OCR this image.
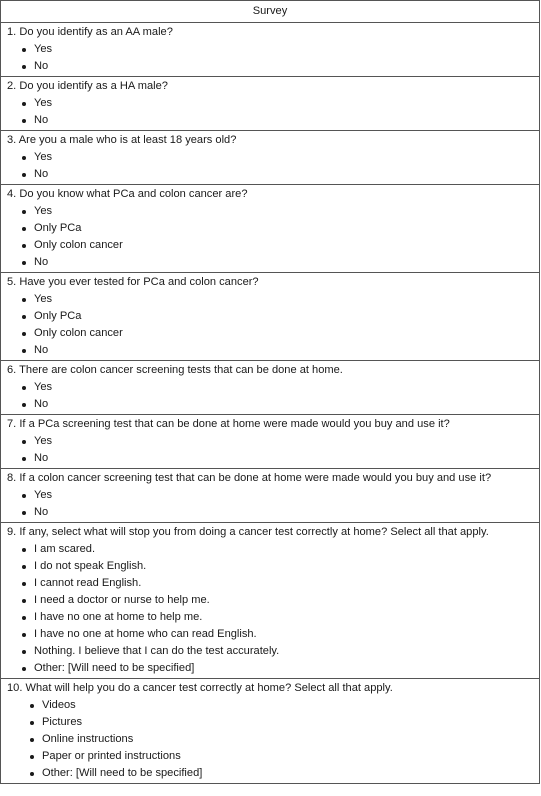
Survey

1. Do you identify as an AA male?
Yes
No

2. Do you identify as a HA male?
Yes
No

3. Are you a male who is at least 18 years old?
Yes
No

4. Do you know what PCa and colon cancer are?
Yes
Only PCa
Only colon cancer
No

5. Have you ever tested for PCa and colon cancer?
Yes
Only PCa
Only colon cancer
No

6. There are colon cancer screening tests that can be done at home.
Yes
No

7. If a PCa screening test that can be done at home were made would you buy and use it?
Yes
No

8. If a colon cancer screening test that can be done at home were made would you buy and use it?
Yes
No

9. If any, select what will stop you from doing a cancer test correctly at home? Select all that apply.
I am scared.
I do not speak English.
I cannot read English.
I need a doctor or nurse to help me.
I have no one at home to help me.
I have no one at home who can read English.
Nothing. I believe that I can do the test accurately.
Other: [Will need to be specified]

10. What will help you do a cancer test correctly at home? Select all that apply.
Videos
Pictures
Online instructions
Paper or printed instructions
Other: [Will need to be specified]
